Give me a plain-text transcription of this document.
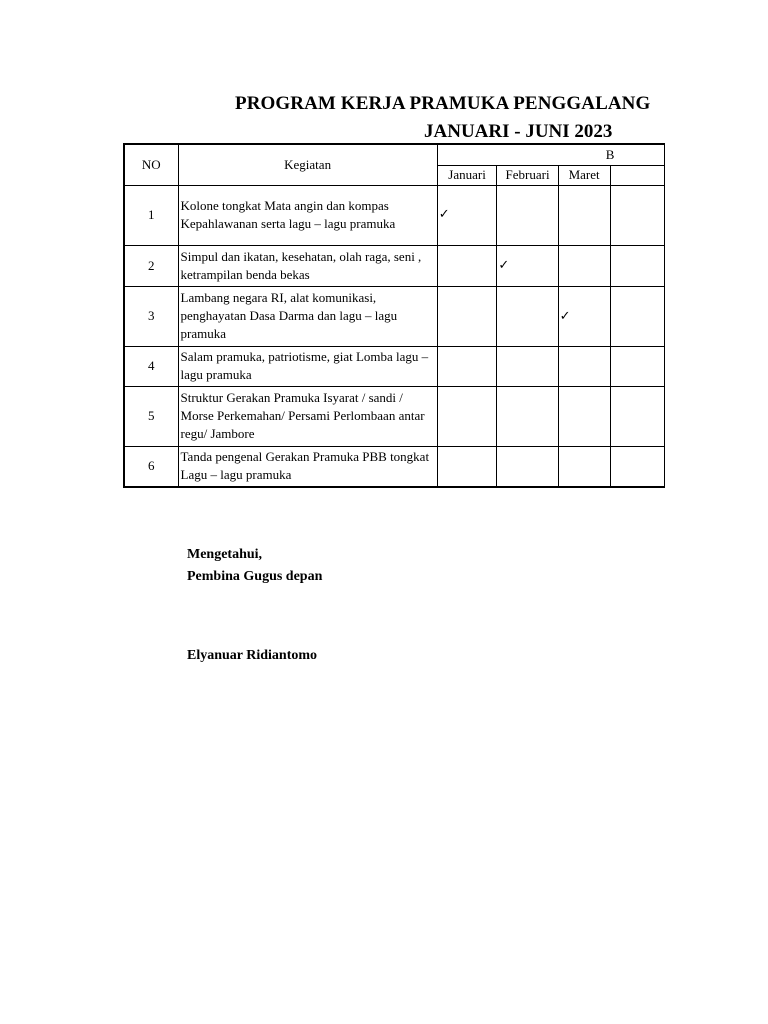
PROGRAM KERJA PRAMUKA PENGGALANG
JANUARI - JUNI 2023
NO	Kegiatan	B			
		Januari	Februari	Maret	
1	Kolone tongkat Mata angin dan kompas
Kepahlawanan serta lagu – lagu pramuka	✓			
2	Simpul dan ikatan, kesehatan, olah raga, seni ,
ketrampilan benda bekas		✓		
3	Lambang negara RI, alat komunikasi,
penghayatan Dasa Darma dan lagu – lagu
pramuka			✓	
4	Salam pramuka, patriotisme, giat Lomba lagu –
lagu pramuka				

5	Struktur Gerakan Pramuka Isyarat / sandi /
Morse Perkemahan/ Persami Perlombaan antar
regu/ Jambore				

6	Tanda pengenal Gerakan Pramuka PBB tongkat
Lagu – lagu pramuka				

Mengetahui,
Pembina Gugus depan
Elyanuar Ridiantomo
